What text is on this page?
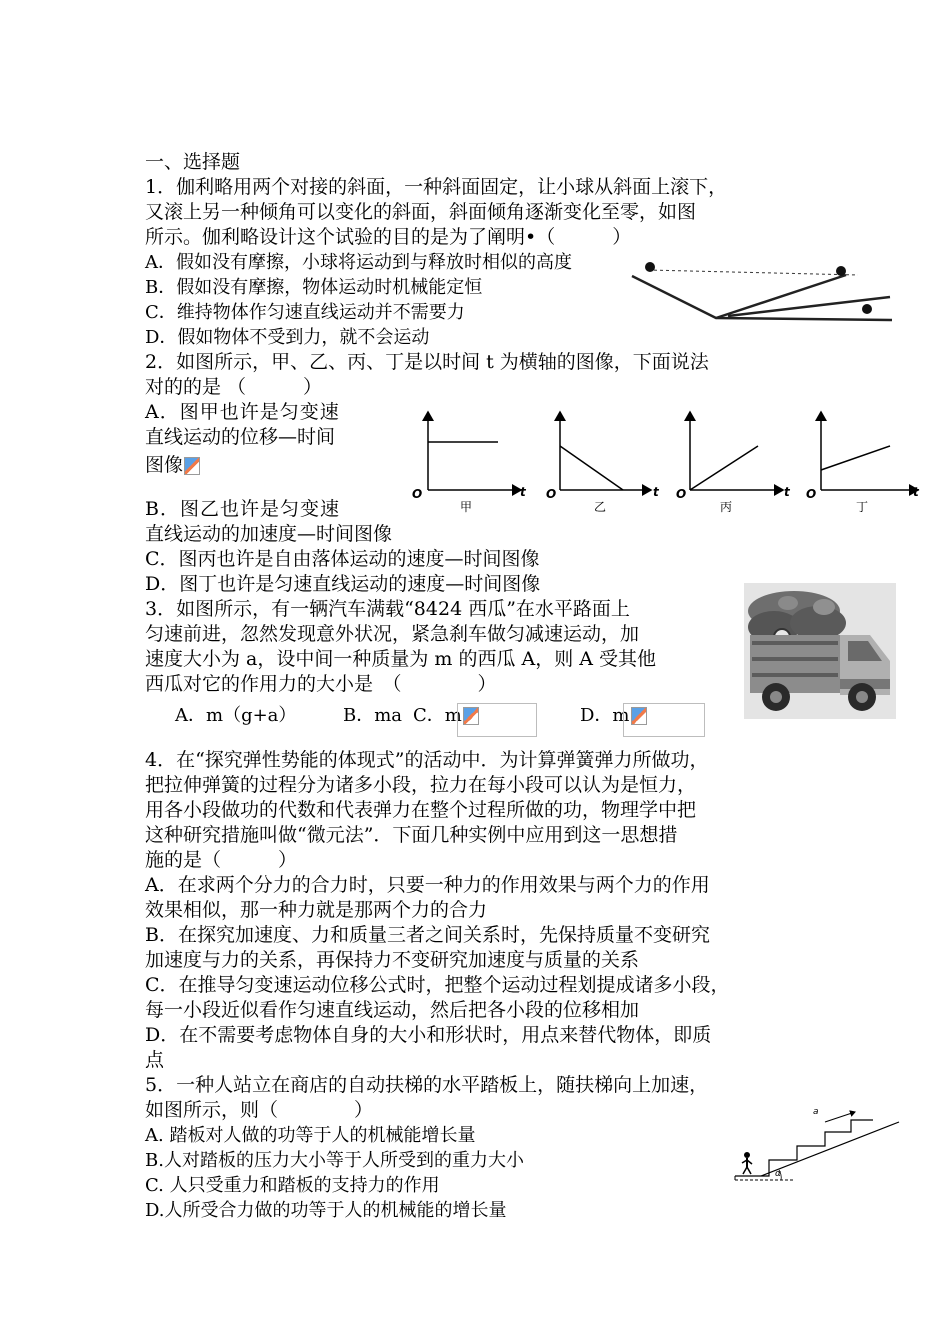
一、选择题
1．伽利略用两个对接的斜面，一种斜面固定，让小球从斜面上滚下，
又滚上另一种倾角可以变化的斜面，斜面倾角逐渐变化至零，如图
所示。伽利略设计这个试验的目的是为了阐明•（　　　）
A．假如没有摩擦，小球将运动到与释放时相似的高度
B．假如没有摩擦，物体运动时机械能定恒
C．维持物体作匀速直线运动并不需要力
D．假如物体不受到力，就不会运动
2．如图所示，甲、乙、丙、丁是以时间 t 为横轴的图像，下面说法
对的的是 （　　　）
A．图甲也许是匀变速
直线运动的位移—时间
图像
B．图乙也许是匀变速
直线运动的加速度—时间图像
C．图丙也许是自由落体运动的速度—时间图像
D．图丁也许是匀速直线运动的速度—时间图像
O	t
甲
O	t
乙
O	t
丙
O	t
丁
3．如图所示，有一辆汽车满载“8424 西瓜”在水平路面上
匀速前进，忽然发现意外状况，紧急刹车做匀减速运动，加
速度大小为 a，设中间一种质量为 m 的西瓜 A，则 A 受其他
西瓜对它的作用力的大小是　（　　　　）
A．m（g+a）	B．ma C．m	D．m
4．在“探究弹性势能的体现式”的活动中．为计算弹簧弹力所做功，
把拉伸弹簧的过程分为诸多小段，拉力在每小段可以认为是恒力，
用各小段做功的代数和代表弹力在整个过程所做的功，物理学中把
这种研究措施叫做“微元法”．下面几种实例中应用到这一思想措
施的是（　　　）
A．在求两个分力的合力时，只要一种力的作用效果与两个力的作用
效果相似，那一种力就是那两个力的合力
B．在探究加速度、力和质量三者之间关系时，先保持质量不变研究
加速度与力的关系，再保持力不变研究加速度与质量的关系
C．在推导匀变速运动位移公式时，把整个运动过程划提成诸多小段，
每一小段近似看作匀速直线运动，然后把各小段的位移相加
D．在不需要考虑物体自身的大小和形状时，用点来替代物体，即质
点
5．一种人站立在商店的自动扶梯的水平踏板上，随扶梯向上加速，
如图所示，则（　　　　）
A. 踏板对人做的功等于人的机械能增长量
B.人对踏板的压力大小等于人所受到的重力大小
C. 人只受重力和踏板的支持力的作用
D.人所受合力做的功等于人的机械能的增长量
a
α
